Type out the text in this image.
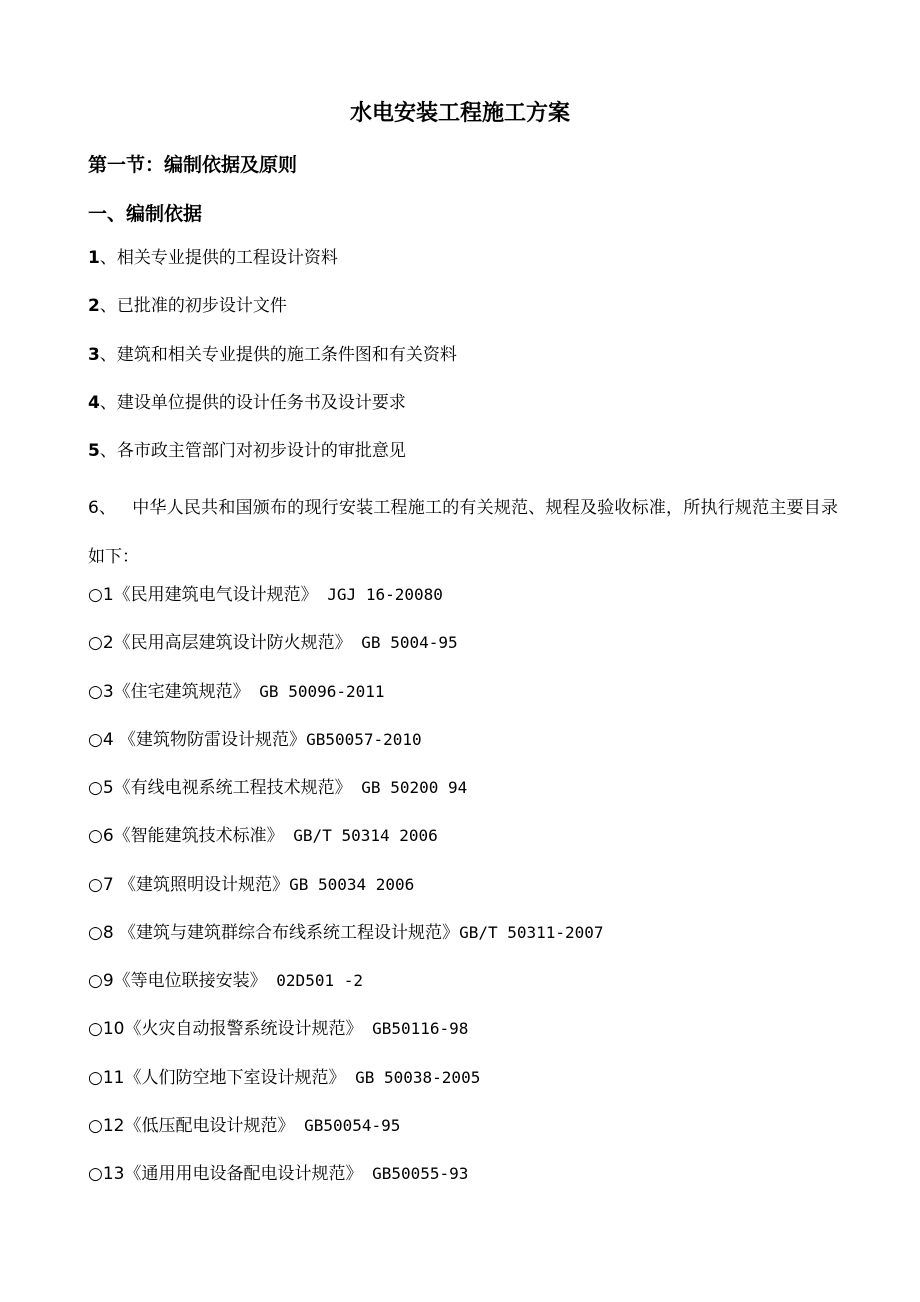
水电安装工程施工方案
第一节：编制依据及原则
一、编制依据
1、相关专业提供的工程设计资料
2、已批准的初步设计文件
3、建筑和相关专业提供的施工条件图和有关资料
4、建设单位提供的设计任务书及设计要求
5、各市政主管部门对初步设计的审批意见

6、 中华人民共和国颁布的现行安装工程施工的有关规范、规程及验收标准，所执行规范主要目录如下：

○1《民用建筑电气设计规范》 JGJ 16-20080
○2《民用高层建筑设计防火规范》 GB 5004-95
○3《住宅建筑规范》 GB 50096-2011
○4 《建筑物防雷设计规范》GB50057-2010
○5《有线电视系统工程技术规范》 GB 50200 94
○6《智能建筑技术标准》 GB/T 50314 2006
○7 《建筑照明设计规范》GB 50034 2006
○8 《建筑与建筑群综合布线系统工程设计规范》GB/T 50311-2007
○9《等电位联接安装》 02D501 -2
○10《火灾自动报警系统设计规范》 GB50116-98
○11《人们防空地下室设计规范》 GB 50038-2005
○12《低压配电设计规范》 GB50054-95
○13《通用用电设备配电设计规范》 GB50055-93
